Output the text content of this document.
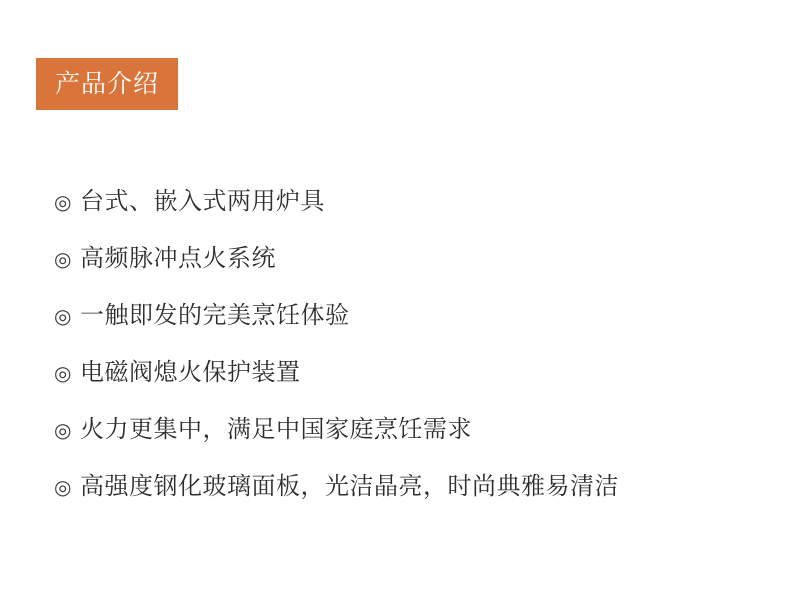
产品介绍
◎ 台式、嵌入式两用炉具
◎ 高频脉冲点火系统
◎ 一触即发的完美烹饪体验
◎ 电磁阀熄火保护装置
◎ 火力更集中，满足中国家庭烹饪需求
◎ 高强度钢化玻璃面板，光洁晶亮，时尚典雅易清洁
